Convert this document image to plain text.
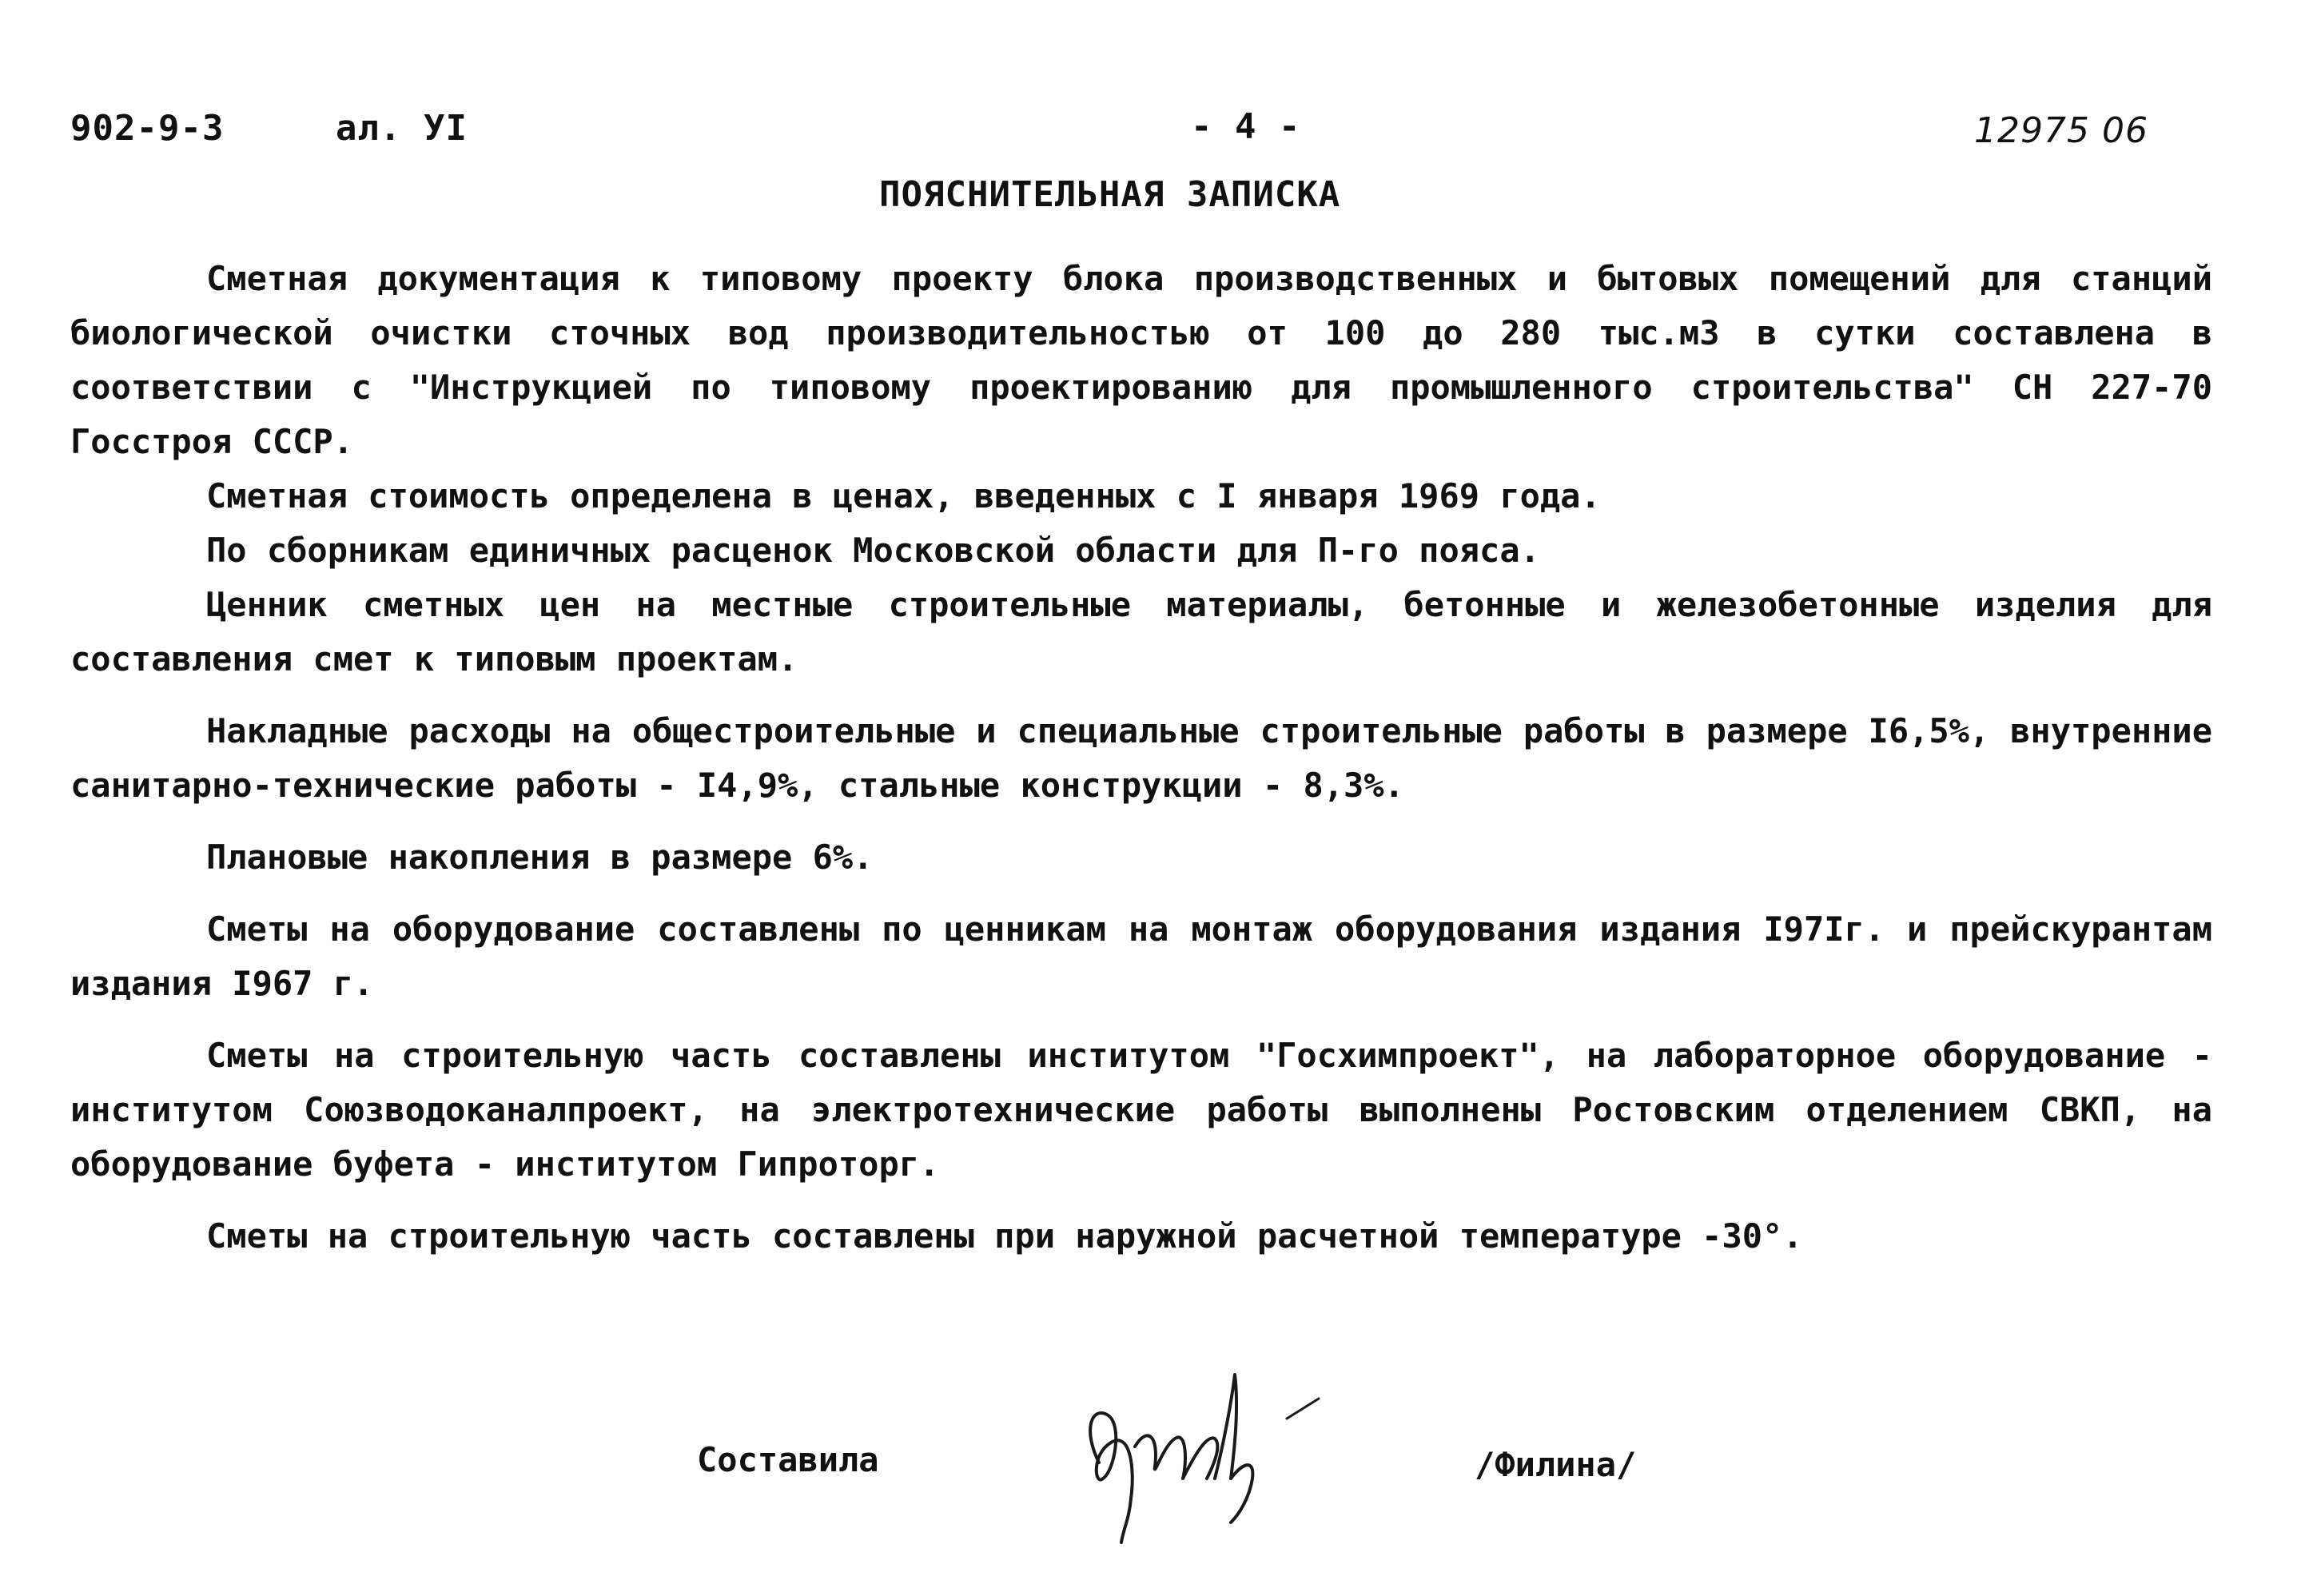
902-9-3	ал. УI	- 4 -	12975 06
ПОЯСНИТЕЛЬНАЯ ЗАПИСКА

Сметная документация к типовому проекту блока производственных и бытовых помещений для станций биологической очистки сточных вод производительностью от 100 до 280 тыс.м3 в сутки составлена в соответствии с "Инструкцией по типовому проектированию для промышленного строительства" СН 227-70 Госстроя СССР.

Сметная стоимость определена в ценах, введенных с I января 1969 года.

По сборникам единичных расценок Московской области для П-го пояса.

Ценник сметных цен на местные строительные материалы, бетонные и железобетонные изделия для составления смет к типовым проектам.

Накладные расходы на общестроительные и специальные строительные работы в размере I6,5%, внутренние санитарно-технические работы - I4,9%, стальные конструкции - 8,3%.

Плановые накопления в размере 6%.

Сметы на оборудование составлены по ценникам на монтаж оборудования издания I97Iг. и прейскурантам издания I967 г.

Сметы на строительную часть составлены институтом "Госхимпроект", на лабораторное оборудование - институтом Союзводоканалпроект, на электротехнические работы выполнены Ростовским отделением СВКП, на оборудование буфета - институтом Гипроторг.

Сметы на строительную часть составлены при наружной расчетной температуре -30°.

Составила	/Филина/
